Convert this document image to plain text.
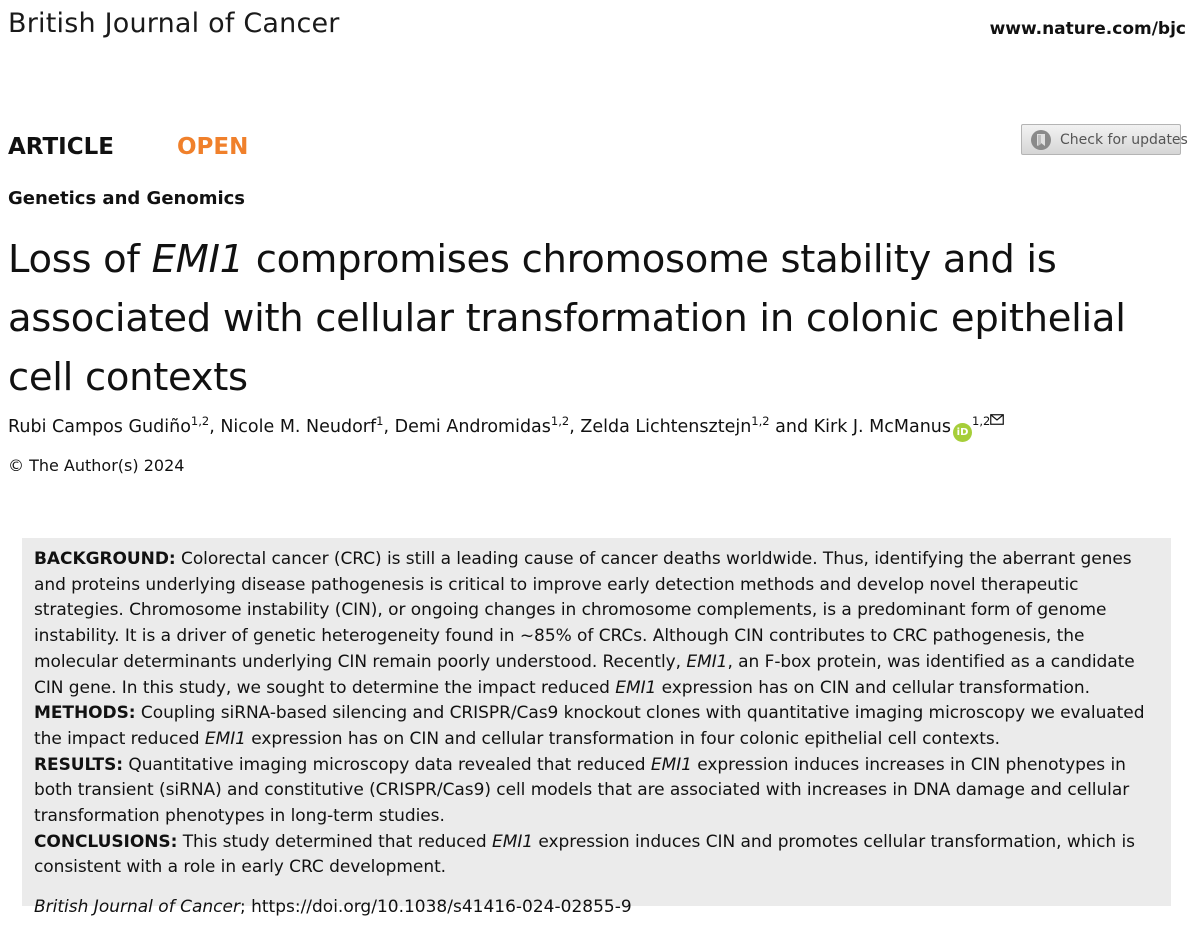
British Journal of Cancer	www.nature.com/bjc
ARTICLE	OPEN	Check for updates
Genetics and Genomics
Loss of EMI1 compromises chromosome stability and is associated with cellular transformation in colonic epithelial cell contexts
Rubi Campos Gudiño$^{1,2}$, Nicole M. Neudorf$^1$, Demi Andromidas$^{1,2}$, Zelda Lichtensztejn$^{1,2}$ and Kirk J. McManus iD$^{1,2}$
© The Author(s) 2024

BACKGROUND: Colorectal cancer (CRC) is still a leading cause of cancer deaths worldwide. Thus, identifying the aberrant genes and proteins underlying disease pathogenesis is critical to improve early detection methods and develop novel therapeutic strategies. Chromosome instability (CIN), or ongoing changes in chromosome complements, is a predominant form of genome instability. It is a driver of genetic heterogeneity found in ~85% of CRCs. Although CIN contributes to CRC pathogenesis, the molecular determinants underlying CIN remain poorly understood. Recently, EMI1, an F-box protein, was identified as a candidate CIN gene. In this study, we sought to determine the impact reduced EMI1 expression has on CIN and cellular transformation.

METHODS: Coupling siRNA-based silencing and CRISPR/Cas9 knockout clones with quantitative imaging microscopy we evaluated the impact reduced EMI1 expression has on CIN and cellular transformation in four colonic epithelial cell contexts.

RESULTS: Quantitative imaging microscopy data revealed that reduced EMI1 expression induces increases in CIN phenotypes in both transient (siRNA) and constitutive (CRISPR/Cas9) cell models that are associated with increases in DNA damage and cellular transformation phenotypes in long-term studies.

CONCLUSIONS: This study determined that reduced EMI1 expression induces CIN and promotes cellular transformation, which is consistent with a role in early CRC development.

British Journal of Cancer; https://doi.org/10.1038/s41416-024-02855-9
